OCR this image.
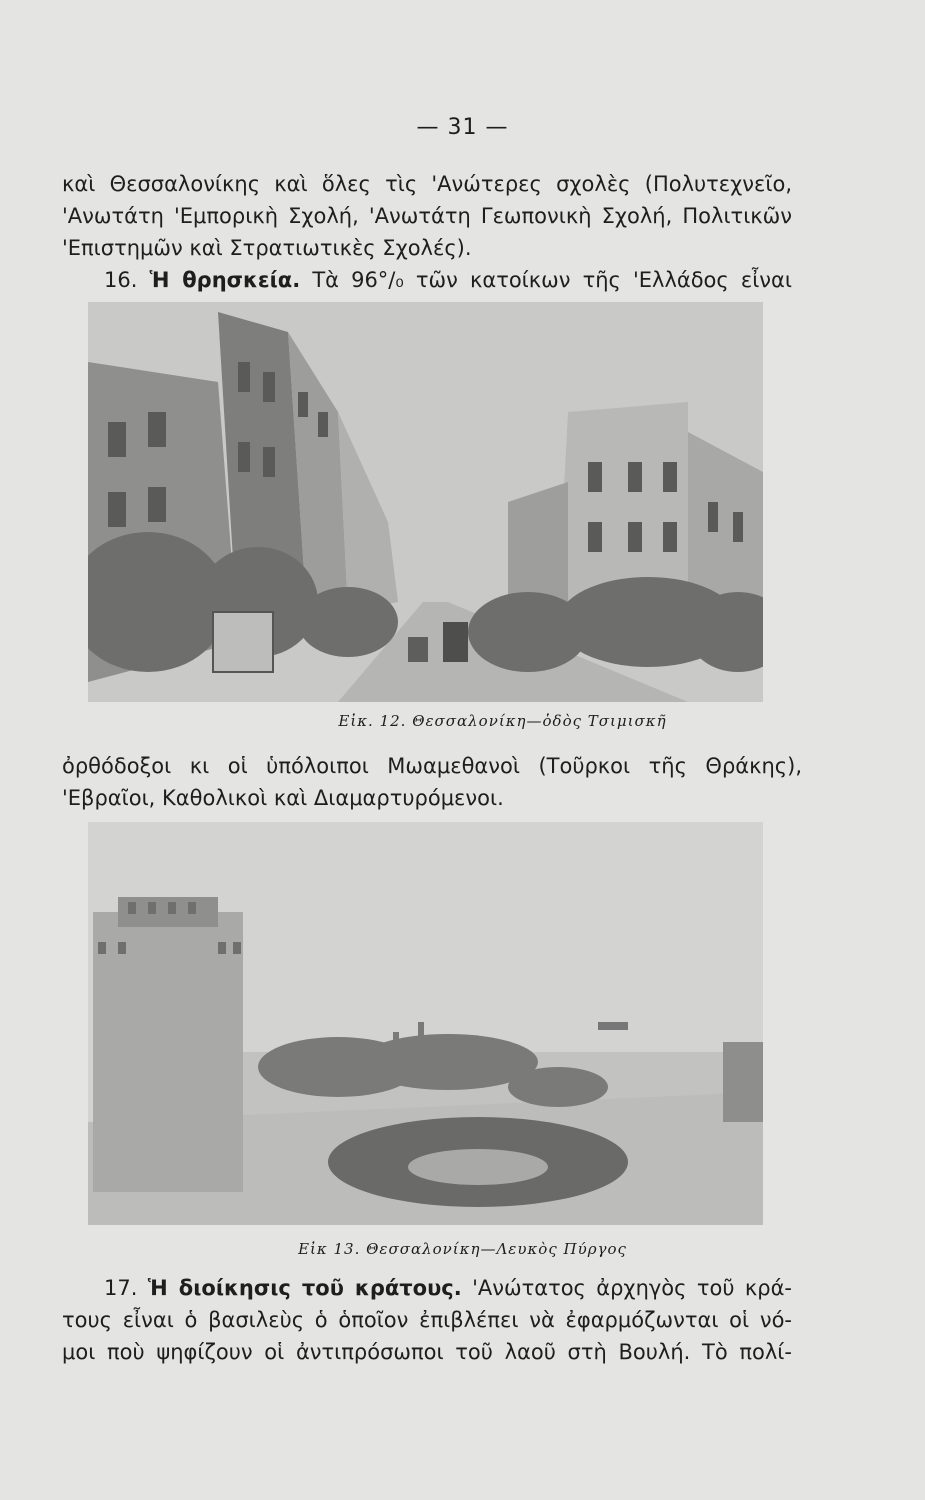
— 31 —
καὶ Θεσσαλονίκης καὶ ὅλες τὶς 'Ανώτερες σχολὲς (Πολυτεχνεῖο,
'Ανωτάτη 'Εμπορικὴ Σχολή, 'Ανωτάτη Γεωπονικὴ Σχολή, Πολιτικῶν
'Επιστημῶν καὶ Στρατιωτικὲς Σχολές).
16. Ἡ θρησκεία. Τὰ 96°/₀ τῶν κατοίκων τῆς 'Ελλάδος εἶναι
Εἰκ. 12. Θεσσαλονίκη—ὁδὸς Τσιμισκῆ
ὀρθόδοξοι κι οἱ ὑπόλοιποι Μωαμεθανοὶ (Τοῦρκοι τῆς Θράκης),
'Εβραῖοι, Καθολικοὶ καὶ Διαμαρτυρόμενοι.
Εἰκ 13. Θεσσαλονίκη—Λευκὸς Πύργος
17. Ἡ διοίκησις τοῦ κράτους. 'Ανώτατος ἀρχηγὸς τοῦ κρά-
τους εἶναι ὁ βασιλεὺς ὁ ὁποῖον ἐπιβλέπει νὰ ἐφαρμόζωνται οἱ νό-
μοι ποὺ ψηφίζουν οἱ ἀντιπρόσωποι τοῦ λαοῦ στὴ Βουλή. Τὸ πολί-
